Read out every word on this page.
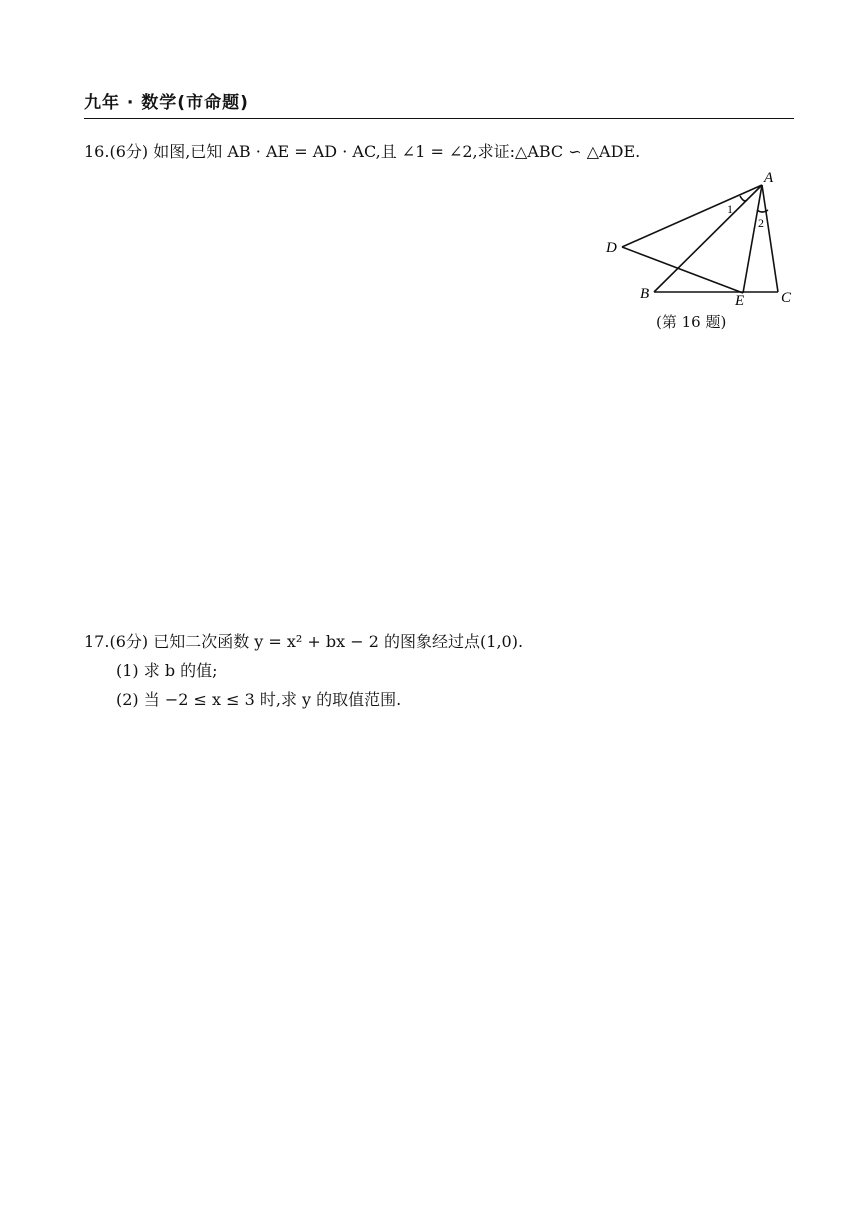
九年 · 数学(市命题)
16.(6分) 如图,已知 AB · AE = AD · AC,且 ∠1 = ∠2,求证:△ABC ∽ △ADE.
A
B	C
D
E
1
2
(第 16 题)
17.(6分) 已知二次函数 y = x² + bx − 2 的图象经过点(1,0).
(1) 求 b 的值;
(2) 当 −2 ≤ x ≤ 3 时,求 y 的取值范围.
